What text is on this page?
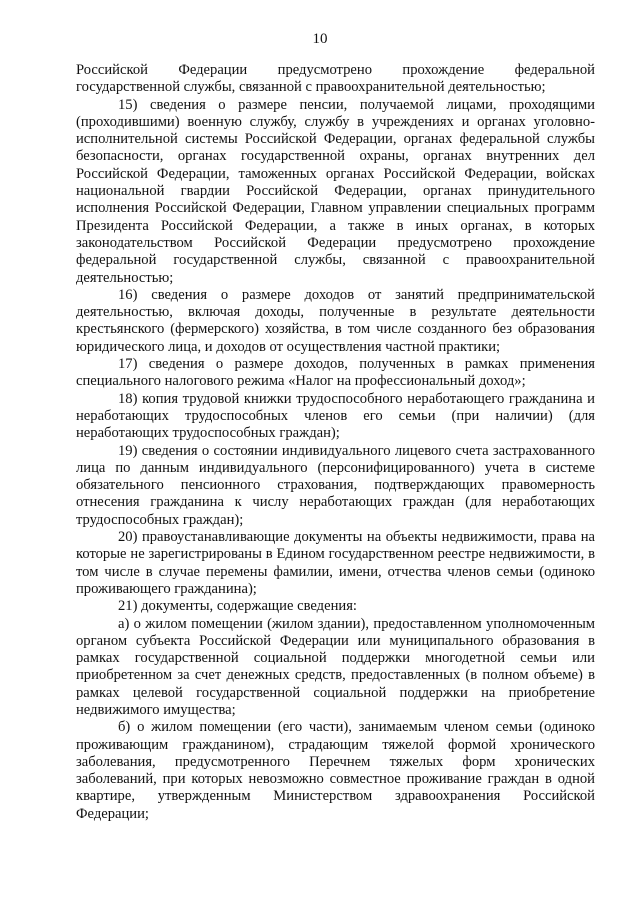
10

Российской Федерации предусмотрено прохождение федеральной государственной службы, связанной с правоохранительной деятельностью;

15) сведения о размере пенсии, получаемой лицами, проходящими (проходившими) военную службу, службу в учреждениях и органах уголовно-исполнительной системы Российской Федерации, органах федеральной службы безопасности, органах государственной охраны, органах внутренних дел Российской Федерации, таможенных органах Российской Федерации, войсках национальной гвардии Российской Федерации, органах принудительного исполнения Российской Федерации, Главном управлении специальных программ Президента Российской Федерации, а также в иных органах, в которых законодательством Российской Федерации предусмотрено прохождение федеральной государственной службы, связанной с правоохранительной деятельностью;

16) сведения о размере доходов от занятий предпринимательской деятельностью, включая доходы, полученные в результате деятельности крестьянского (фермерского) хозяйства, в том числе созданного без образования юридического лица, и доходов от осуществления частной практики;

17) сведения о размере доходов, полученных в рамках применения специального налогового режима «Налог на профессиональный доход»;

18) копия трудовой книжки трудоспособного неработающего гражданина и неработающих трудоспособных членов его семьи (при наличии) (для неработающих трудоспособных граждан);

19) сведения о состоянии индивидуального лицевого счета застрахованного лица по данным индивидуального (персонифицированного) учета в системе обязательного пенсионного страхования, подтверждающих правомерность отнесения гражданина к числу неработающих граждан (для неработающих трудоспособных граждан);

20) правоустанавливающие документы на объекты недвижимости, права на которые не зарегистрированы в Едином государственном реестре недвижимости, в том числе в случае перемены фамилии, имени, отчества членов семьи (одиноко проживающего гражданина);

21) документы, содержащие сведения:

а) о жилом помещении (жилом здании), предоставленном уполномоченным органом субъекта Российской Федерации или муниципального образования в рамках государственной социальной поддержки многодетной семьи или приобретенном за счет денежных средств, предоставленных (в полном объеме) в рамках целевой государственной социальной поддержки на приобретение недвижимого имущества;

б) о жилом помещении (его части), занимаемым членом семьи (одиноко проживающим гражданином), страдающим тяжелой формой хронического заболевания, предусмотренного Перечнем тяжелых форм хронических заболеваний, при которых невозможно совместное проживание граждан в одной квартире, утвержденным Министерством здравоохранения Российской Федерации;
